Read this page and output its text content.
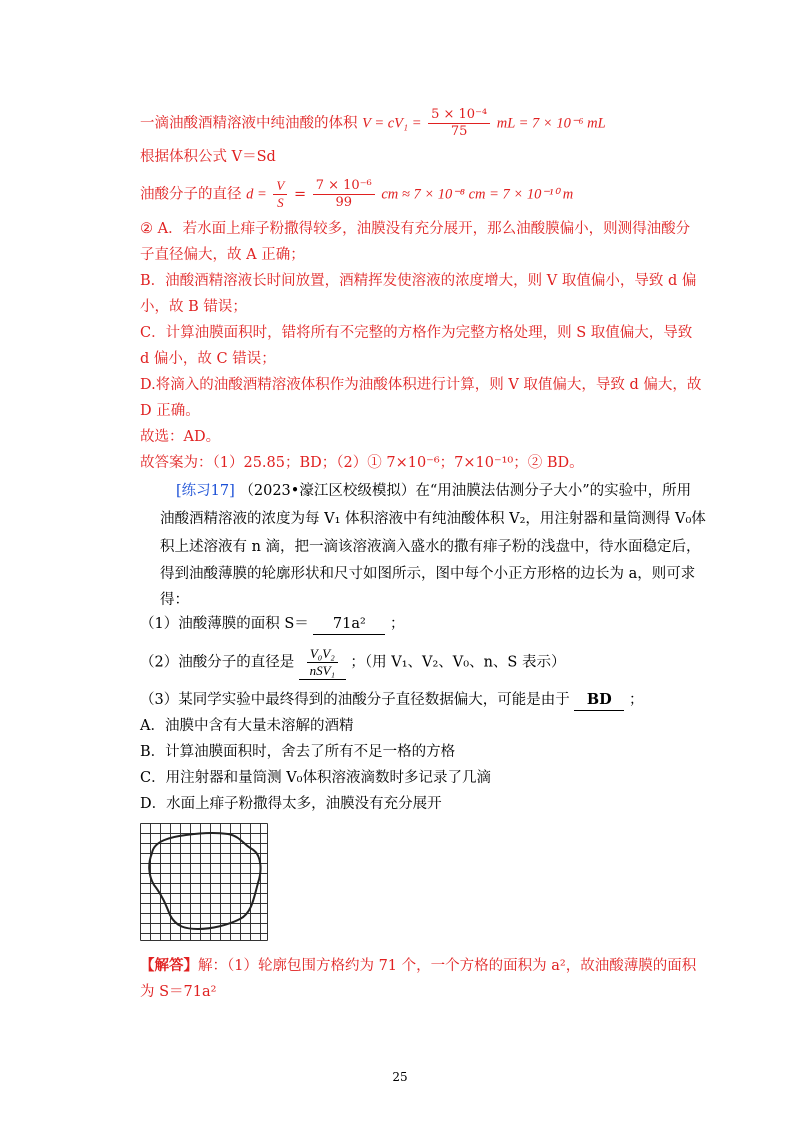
一滴油酸酒精溶液中纯油酸的体积 $V = cV_1 = \frac{\text{5 × 10⁻⁴}}{75}$ mL = 7 × 10⁻⁶ mL
根据体积公式 V＝Sd
油酸分子的直径 $d = \frac{V}{S} = \frac{\text{7 × 10⁻⁶}}{99}$ cm ≈ 7 × 10⁻⁸ cm = 7 × 10⁻¹⁰ m
② A．若水面上痱子粉撒得较多，油膜没有充分展开，那么油酸膜偏小，则测得油酸分
子直径偏大，故 A 正确；
B．油酸酒精溶液长时间放置，酒精挥发使溶液的浓度增大，则 V 取值偏小，导致 d 偏
小，故 B 错误；
C．计算油膜面积时，错将所有不完整的方格作为完整方格处理，则 S 取值偏大，导致
d 偏小，故 C 错误；
D.将滴入的油酸酒精溶液体积作为油酸体积进行计算，则 V 取值偏大，导致 d 偏大，故
D 正确。
故选：AD。
故答案为：（1）25.85；BD；（2）① 7×10⁻⁶；7×10⁻¹⁰；② BD。
[练习17] （2023•濠江区校级模拟）在“用油膜法估测分子大小”的实验中，所用
油酸酒精溶液的浓度为每 V₁ 体积溶液中有纯油酸体积 V₂，用注射器和量筒测得 V₀体
积上述溶液有 n 滴，把一滴该溶液滴入盛水的撒有痱子粉的浅盘中，待水面稳定后，
得到油酸薄膜的轮廓形状和尺寸如图所示，图中每个小正方形格的边长为 a，则可求
得：
（1）油酸薄膜的面积 S＝ 71a² ；
（2）油酸分子的直径是 $\frac{\text{V₀V₂}}{\text{nSV₁}}$ ；（用 V₁、V₂、V₀、n、S 表示）
（3）某同学实验中最终得到的油酸分子直径数据偏大，可能是由于 BD ；
A．油膜中含有大量未溶解的酒精
B．计算油膜面积时，舍去了所有不足一格的方格
C．用注射器和量筒测 V₀体积溶液滴数时多记录了几滴
D．水面上痱子粉撒得太多，油膜没有充分展开
【解答】解：（1）轮廓包围方格约为 71 个，一个方格的面积为 a²，故油酸薄膜的面积
为 S＝71a²
25
